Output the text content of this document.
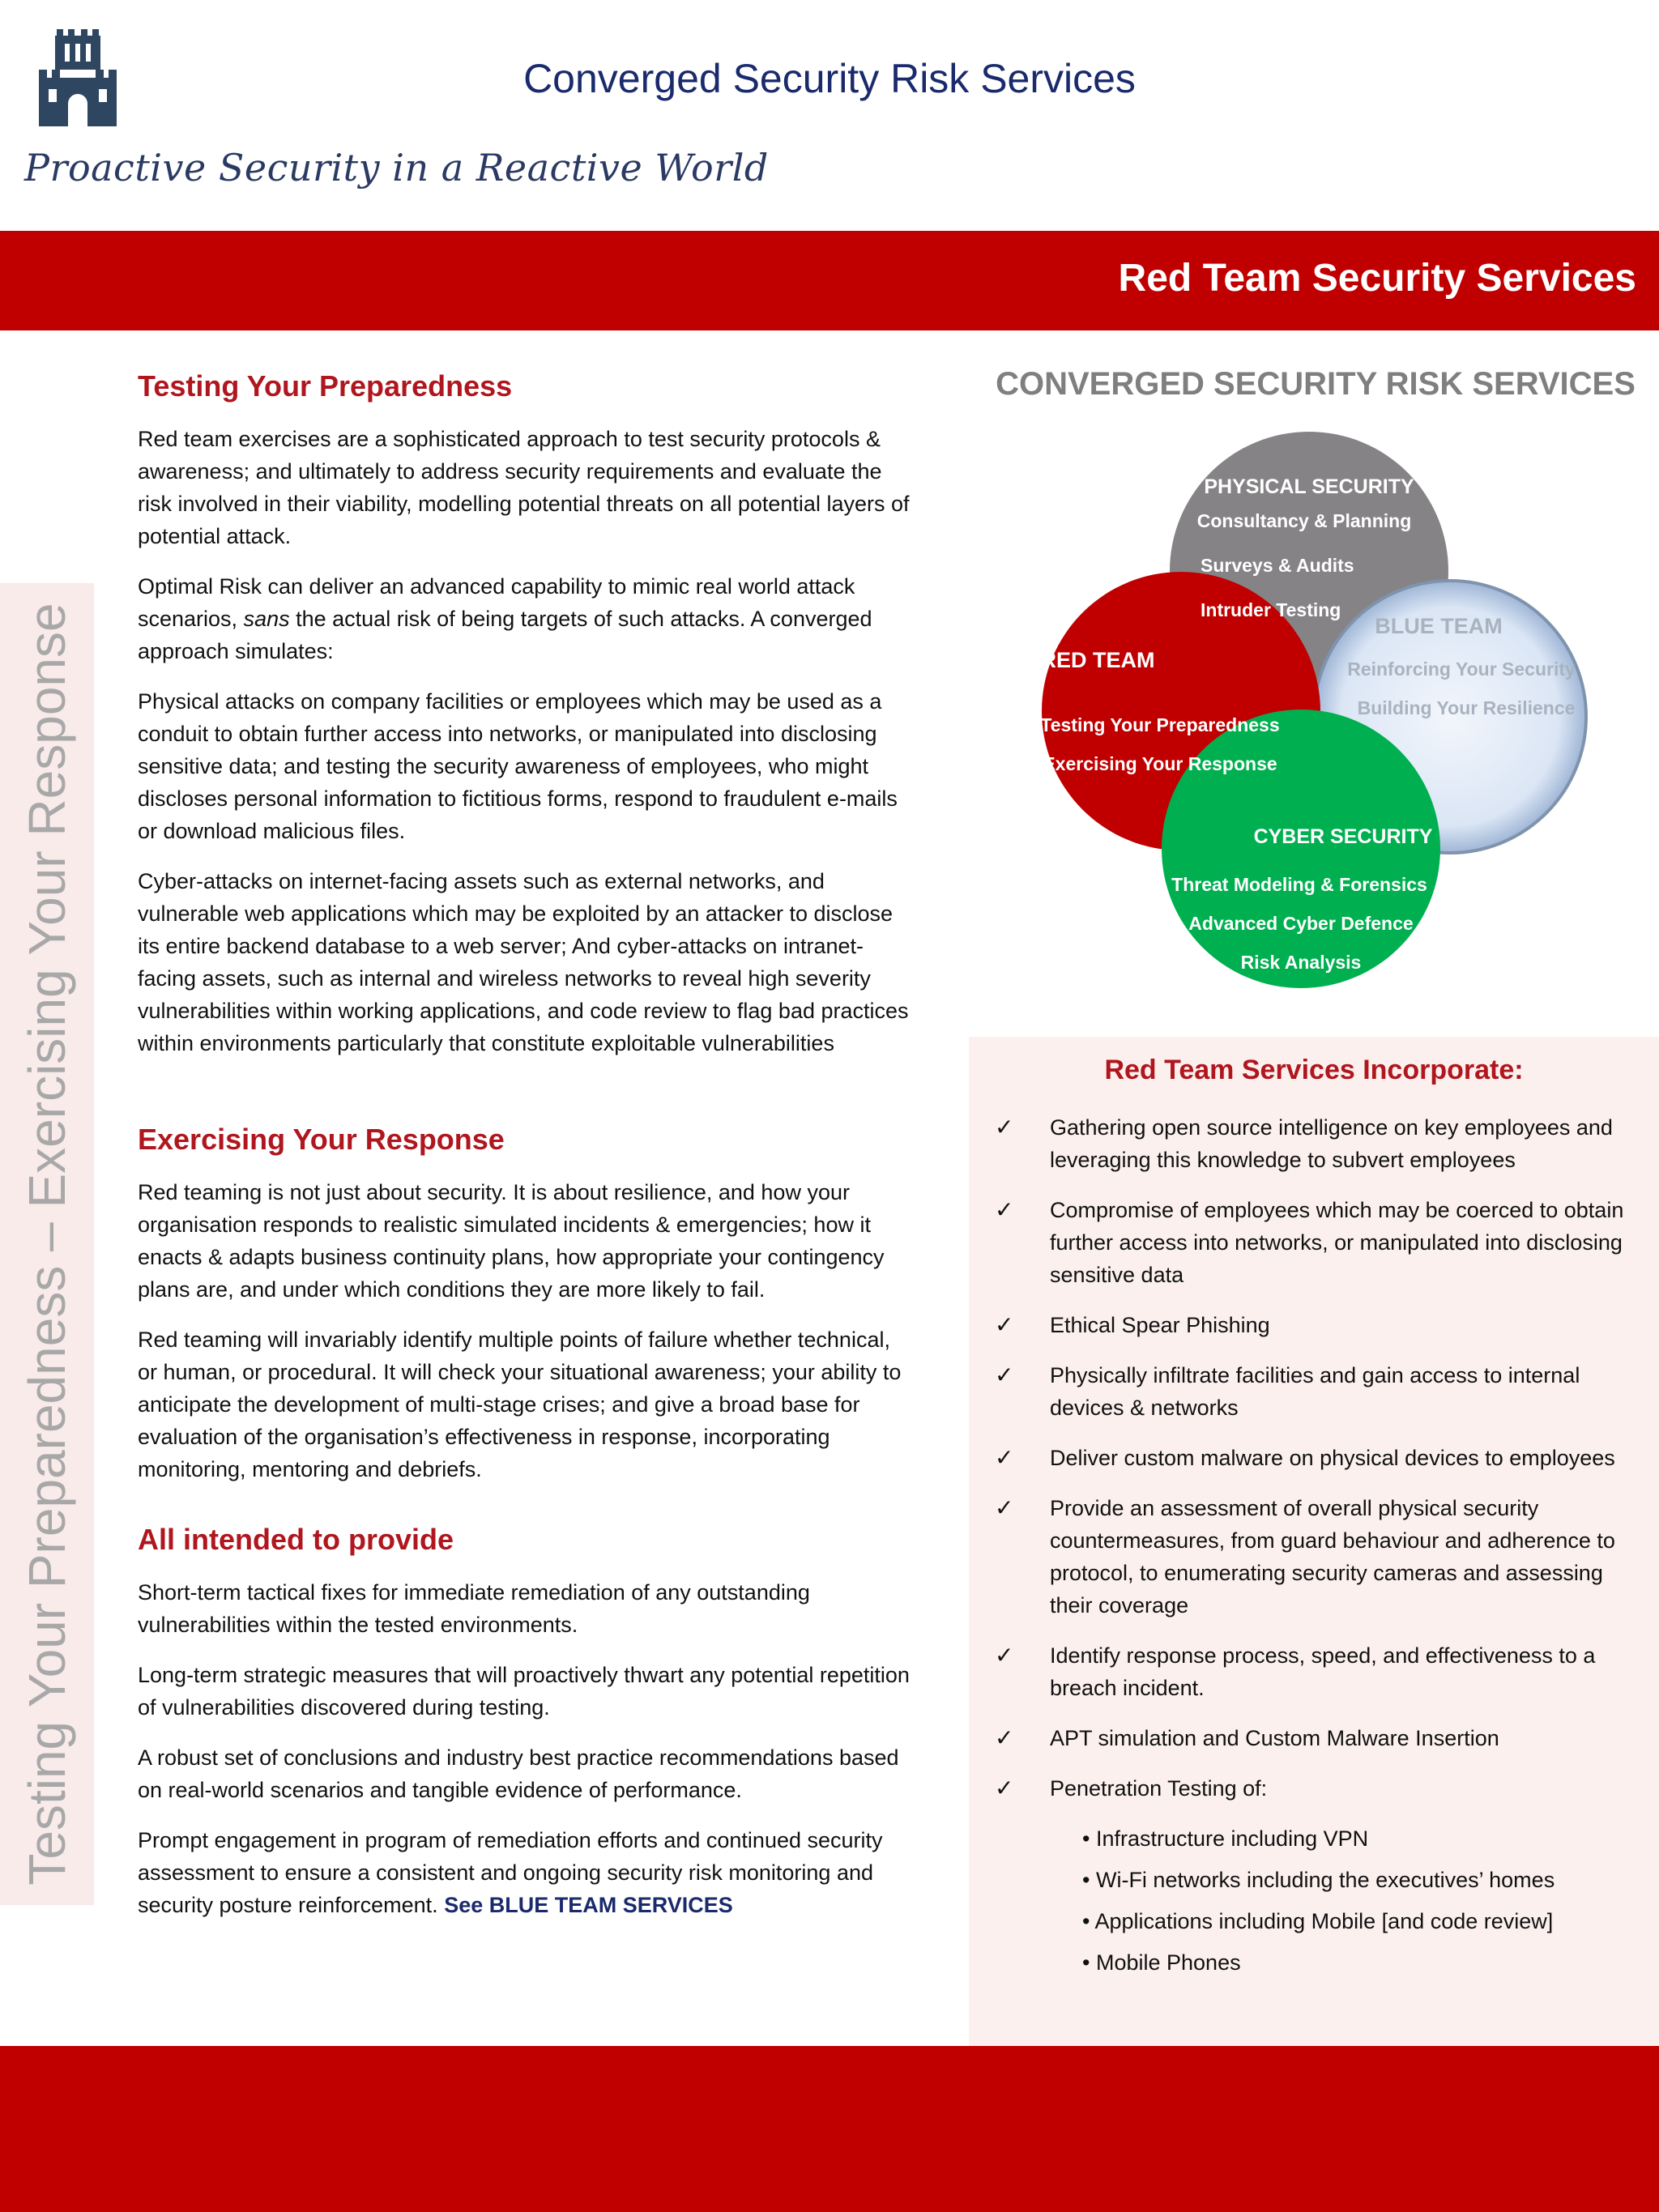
Converged Security Risk Services
Proactive Security in a Reactive World
Red Team Security Services
Testing Your Preparedness – Exercising Your Response
Testing Your Preparedness

Red team exercises are a sophisticated approach to test security protocols & awareness; and ultimately to address security requirements and evaluate the risk involved in their viability, modelling potential threats on all potential layers of potential attack.

Optimal Risk can deliver an advanced capability to mimic real world attack scenarios, sans the actual risk of being targets of such attacks. A converged approach simulates:

Physical attacks on company facilities or employees which may be used as a conduit to obtain further access into networks, or manipulated into disclosing sensitive data; and testing the security awareness of employees, who might discloses personal information to fictitious forms, respond to fraudulent e-mails or download malicious files.

Cyber-attacks on internet-facing assets such as external networks, and vulnerable web applications which may be exploited by an attacker to disclose its entire backend database to a web server; And cyber-attacks on intranet-facing assets, such as internal and wireless networks to reveal high severity vulnerabilities within working applications, and code review to flag bad practices within environments particularly that constitute exploitable vulnerabilities

Exercising Your Response

Red teaming is not just about security. It is about resilience, and how your organisation responds to realistic simulated incidents & emergencies; how it enacts & adapts business continuity plans, how appropriate your contingency plans are, and under which conditions they are more likely to fail.

Red teaming will invariably identify multiple points of failure whether technical, or human, or procedural. It will check your situational awareness; your ability to anticipate the development of multi-stage crises; and give a broad base for evaluation of the organisation’s effectiveness in response, incorporating monitoring, mentoring and debriefs.

All intended to provide

Short-term tactical fixes for immediate remediation of any outstanding vulnerabilities within the tested environments.

Long-term strategic measures that will proactively thwart any potential repetition of vulnerabilities discovered during testing.

A robust set of conclusions and industry best practice recommendations based on real-world scenarios and tangible evidence of performance.

Prompt engagement in program of remediation efforts and continued security assessment to ensure a consistent and ongoing security risk monitoring and security posture reinforcement. See BLUE TEAM SERVICES

CONVERGED SECURITY RISK SERVICES
PHYSICAL SECURITY
Consultancy & Planning
Surveys & Audits
Intruder Testing
BLUE TEAM
Reinforcing Your Security
Building Your Resilience
RED TEAM
Testing Your Preparedness
Exercising Your Response
CYBER SECURITY
Threat Modeling & Forensics
Advanced Cyber Defence
Risk Analysis
Red Team Services Incorporate:
✓ Gathering open source intelligence on key employees and leveraging this knowledge to subvert employees
✓ Compromise of employees which may be coerced to obtain further access into networks, or manipulated into disclosing sensitive data
✓ Ethical Spear Phishing
✓ Physically infiltrate facilities and gain access to internal devices & networks
✓ Deliver custom malware on physical devices to employees
✓ Provide an assessment of overall physical security countermeasures, from guard behaviour and adherence to protocol, to enumerating security cameras and assessing their coverage
✓ Identify response process, speed, and effectiveness to a breach incident.
✓ APT simulation and Custom Malware Insertion
✓ Penetration Testing of:
• Infrastructure including VPN
• Wi-Fi networks including the executives’ homes
• Applications including Mobile [and code review]
• Mobile Phones
